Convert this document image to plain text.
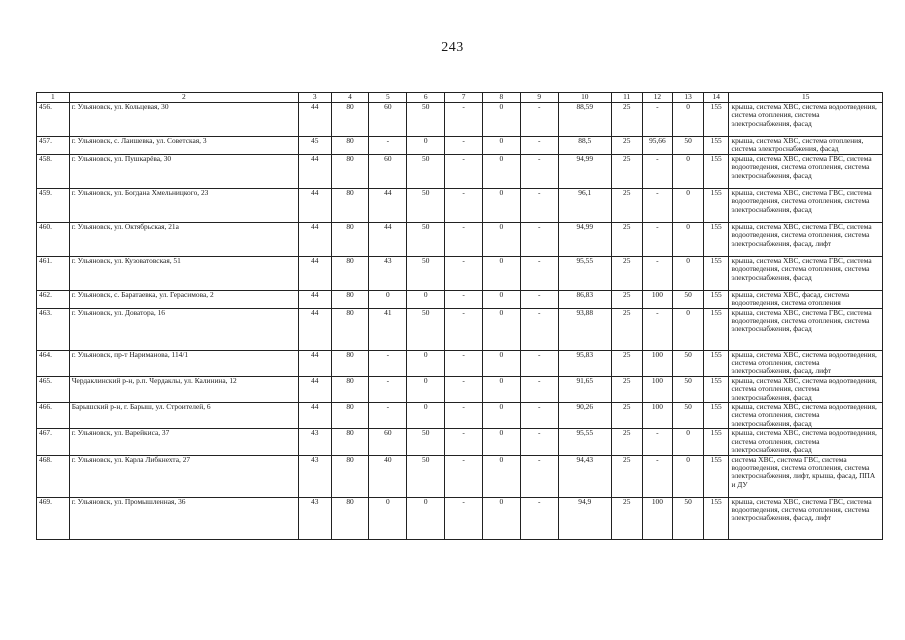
243
1	2	3	4	5	6	7	8	9	10	11	12	13	14	15
456.	г. Ульяновск, ул. Кольцевая, 30	44	80	60	50	-	0	-	88,59	25	-	0	155	крыша, система ХВС, система водоотведения, система отопления, система электроснабжения, фасад
457.	г. Ульяновск, с. Лаишевка, ул. Советская, 3	45	80	-	0	-	0	-	88,5	25	95,66	50	155	крыша, система ХВС, система отопления, система электроснабжения, фасад
458.	г. Ульяновск, ул. Пушкарёва, 30	44	80	60	50	-	0	-	94,99	25	-	0	155	крыша, система ХВС, система ГВС, система водоотведения, система отопления, система электроснабжения, фасад
459.	г. Ульяновск, ул. Богдана Хмельницкого, 23	44	80	44	50	-	0	-	96,1	25	-	0	155	крыша, система ХВС, система ГВС, система водоотведения, система отопления, система электроснабжения, фасад
460.	г. Ульяновск, ул. Октябрьская, 21а	44	80	44	50	-	0	-	94,99	25	-	0	155	крыша, система ХВС, система ГВС, система водоотведения, система отопления, система электроснабжения, фасад, лифт
461.	г. Ульяновск, ул. Кузоватовская, 51	44	80	43	50	-	0	-	95,55	25	-	0	155	крыша, система ХВС, система ГВС, система водоотведения, система отопления, система электроснабжения, фасад
462.	г. Ульяновск, с. Баратаевка, ул. Герасимова, 2	44	80	0	0	-	0	-	86,83	25	100	50	155	крыша, система ХВС, фасад, система водоотведения, система отопления
463.	г. Ульяновск, ул. Доватора, 16	44	80	41	50	-	0	-	93,88	25	-	0	155	крыша, система ХВС, система ГВС, система водоотведения, система отопления, система электроснабжения, фасад
464.	г. Ульяновск, пр-т Нариманова, 114/1	44	80	-	0	-	0	-	95,83	25	100	50	155	крыша, система ХВС, система водоотведения, система отопления, система электроснабжения, фасад, лифт
465.	Чердаклинский р-н, р.п. Чердаклы, ул. Калинина, 12	44	80	-	0	-	0	-	91,65	25	100	50	155	крыша, система ХВС, система водоотведения, система отопления, система электроснабжения, фасад
466.	Барышский р-н, г. Барыш, ул. Строителей, 6	44	80	-	0	-	0	-	90,26	25	100	50	155	крыша, система ХВС, система водоотведения, система отопления, система электроснабжения, фасад
467.	г. Ульяновск, ул. Варейкиса, 37	43	80	60	50	-	0	-	95,55	25	-	0	155	крыша, система ХВС, система водоотведения, система отопления, система электроснабжения, фасад
468.	г. Ульяновск, ул. Карла Либкнехта, 27	43	80	40	50	-	0	-	94,43	25	-	0	155	система ХВС, система ГВС, система водоотведения, система отопления, система электроснабжения, лифт, крыша, фасад, ППА и ДУ
469.	г. Ульяновск, ул. Промышленная, 36	43	80	0	0	-	0	-	94,9	25	100	50	155	крыша, система ХВС, система ГВС, система водоотведения, система отопления, система электроснабжения, фасад, лифт
